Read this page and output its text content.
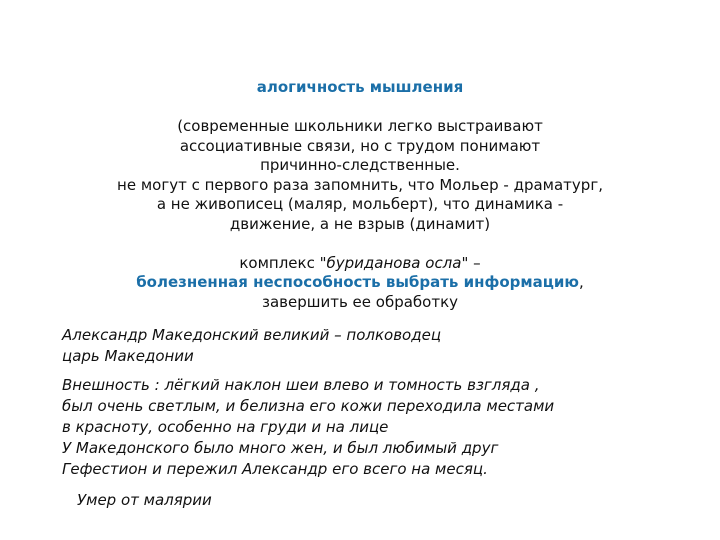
алогичность мышления

(современные школьники легко выстраивают
ассоциативные связи, но с трудом понимают
причинно-следственные.
не могут с первого раза запомнить, что Мольер - драматург,
а не живописец (маляр, мольберт), что динамика -
движение, а не взрыв (динамит)
комплекс "буриданова осла" –
болезненная неспособность выбрать информацию,
завершить ее обработку

Александр Македонский великий – полководец

царь Македонии

Внешность : лёгкий наклон шеи влево и томность взгляда ,

был очень светлым, и белизна его кожи переходила местами

в красноту, особенно на груди и на лице

У Македонского было много жен, и был любимый друг

Гефестион и пережил Александр его всего на месяц.

Умер от малярии
